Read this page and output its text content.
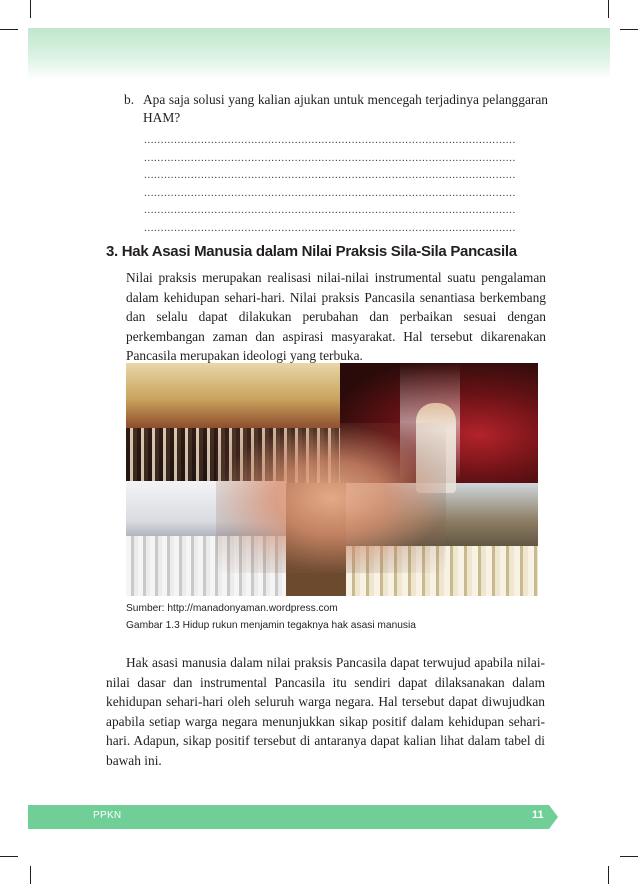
b. Apa saja solusi yang kalian ajukan untuk mencegah terjadinya pelanggaran HAM?
...............................................................................................................
...............................................................................................................
...............................................................................................................
...............................................................................................................
...............................................................................................................
...............................................................................................................
3. Hak Asasi Manusia dalam Nilai Praksis Sila-Sila Pancasila

Nilai praksis merupakan realisasi nilai-nilai instrumental suatu pengalaman dalam kehidupan sehari-hari. Nilai praksis Pancasila senantiasa berkembang dan selalu dapat dilakukan perubahan dan perbaikan sesuai dengan perkembangan zaman dan aspirasi masyarakat. Hal tersebut dikarenakan Pancasila merupakan ideologi yang terbuka.

Sumber: http://manadonyaman.wordpress.com
Gambar 1.3 Hidup rukun menjamin tegaknya hak asasi manusia

Hak asasi manusia dalam nilai praksis Pancasila dapat terwujud apabila nilai-nilai dasar dan instrumental Pancasila itu sendiri dapat dilaksanakan dalam kehidupan sehari-hari oleh seluruh warga negara. Hal tersebut dapat diwujudkan apabila setiap warga negara menunjukkan sikap positif dalam kehidupan sehari-hari. Adapun, sikap positif tersebut di antaranya dapat kalian lihat dalam tabel di bawah ini.

PPKN	11
